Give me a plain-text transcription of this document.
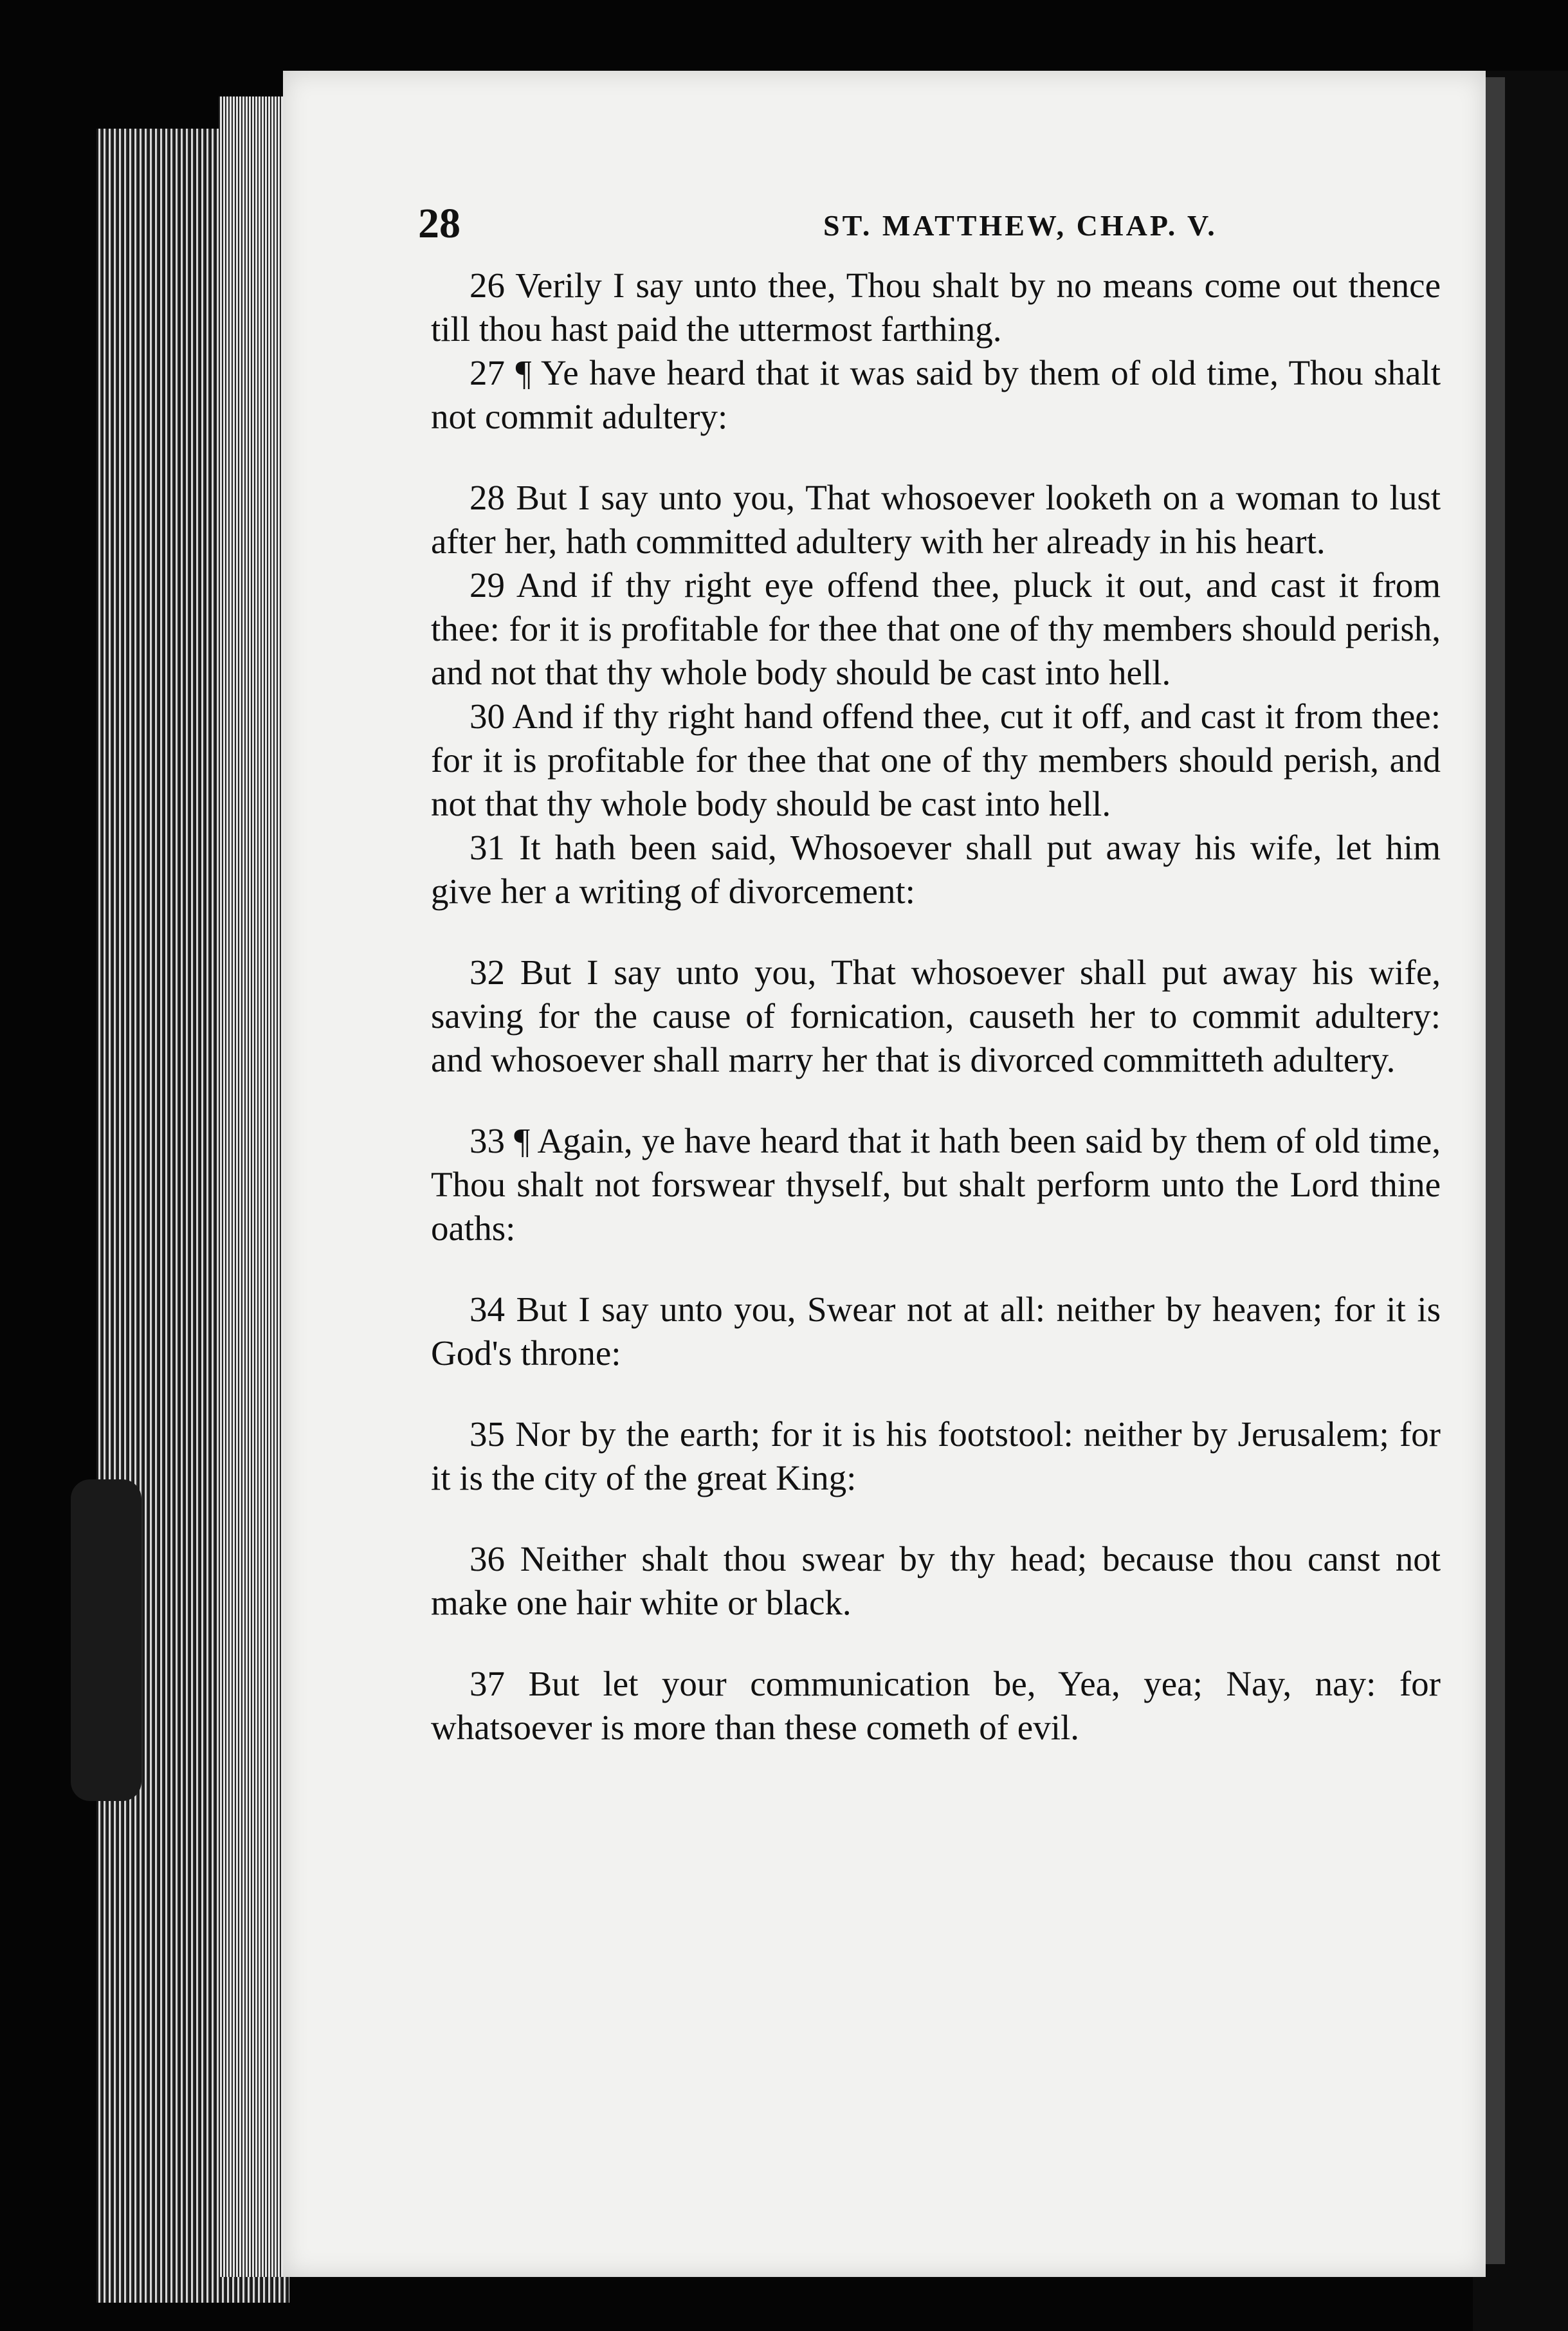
28	ST. MATTHEW, CHAP. V.

26 Verily I say unto thee, Thou shalt by no means come out thence till thou hast paid the uttermost farthing.

27 ¶ Ye have heard that it was said by them of old time, Thou shalt not commit adultery:

28 But I say unto you, That whosoever looketh on a woman to lust after her, hath committed adultery with her already in his heart.

29 And if thy right eye offend thee, pluck it out, and cast it from thee: for it is profitable for thee that one of thy members should perish, and not that thy whole body should be cast into hell.

30 And if thy right hand offend thee, cut it off, and cast it from thee: for it is profitable for thee that one of thy members should perish, and not that thy whole body should be cast into hell.

31 It hath been said, Whosoever shall put away his wife, let him give her a writing of divorcement:

32 But I say unto you, That whosoever shall put away his wife, saving for the cause of fornication, causeth her to commit adultery: and whosoever shall marry her that is divorced committeth adultery.

33 ¶ Again, ye have heard that it hath been said by them of old time, Thou shalt not forswear thyself, but shalt perform unto the Lord thine oaths:

34 But I say unto you, Swear not at all: neither by heaven; for it is God's throne:

35 Nor by the earth; for it is his footstool: neither by Jerusalem; for it is the city of the great King:

36 Neither shalt thou swear by thy head; because thou canst not make one hair white or black.

37 But let your communication be, Yea, yea; Nay, nay: for whatsoever is more than these cometh of evil.
